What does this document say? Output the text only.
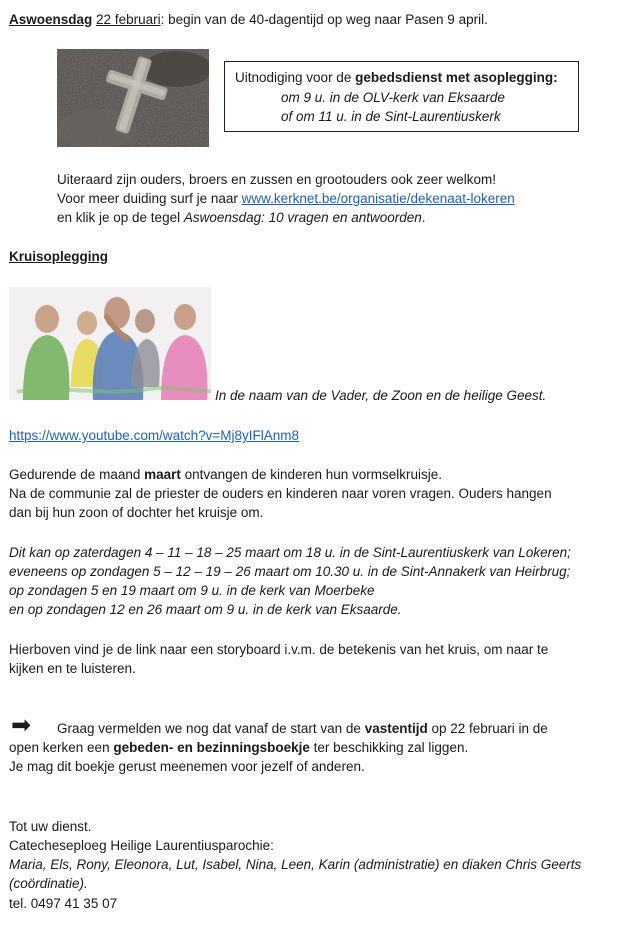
Aswoensdag 22 februari: begin van de 40-dagentijd op weg naar Pasen 9 april.
Uitnodiging voor de gebedsdienst met asoplegging:
om 9 u. in de OLV-kerk van Eksaarde
of om 11 u. in de Sint-Laurentiuskerk
Uiteraard zijn ouders, broers en zussen en grootouders ook zeer welkom!
Voor meer duiding surf je naar www.kerknet.be/organisatie/dekenaat-lokeren
en klik je op de tegel Aswoensdag: 10 vragen en antwoorden.
Kruisoplegging
In de naam van de Vader, de Zoon en de heilige Geest.
https://www.youtube.com/watch?v=Mj8yIFlAnm8
Gedurende de maand maart ontvangen de kinderen hun vormselkruisje.
Na de communie zal de priester de ouders en kinderen naar voren vragen. Ouders hangen
dan bij hun zoon of dochter het kruisje om.
Dit kan op zaterdagen 4 – 11 – 18 – 25 maart om 18 u. in de Sint-Laurentiuskerk van Lokeren;
eveneens op zondagen 5 – 12 – 19 – 26 maart om 10.30 u. in de Sint-Annakerk van Heirbrug;
op zondagen 5 en 19 maart om 9 u. in de kerk van Moerbeke
en op zondagen 12 en 26 maart om 9 u. in de kerk van Eksaarde.
Hierboven vind je de link naar een storyboard i.v.m. de betekenis van het kruis, om naar te
kijken en te luisteren.
➡ Graag vermelden we nog dat vanaf de start van de vastentijd op 22 februari in de
open kerken een gebeden- en bezinningsboekje ter beschikking zal liggen.
Je mag dit boekje gerust meenemen voor jezelf of anderen.
Tot uw dienst.
Catecheseploeg Heilige Laurentiusparochie:
Maria, Els, Rony, Eleonora, Lut, Isabel, Nina, Leen, Karin (administratie) en diaken Chris Geerts
(coördinatie).
tel. 0497 41 35 07
